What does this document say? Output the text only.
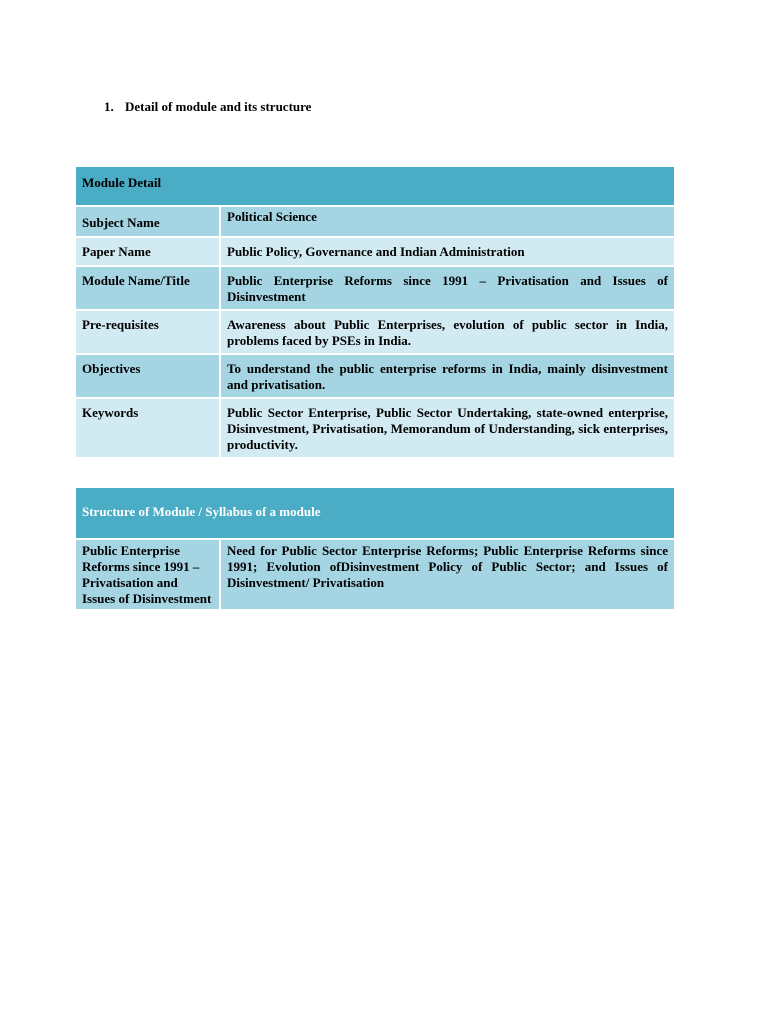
1. Detail of module and its structure

Module Detail	
Subject Name	Political Science
Paper Name	Public Policy, Governance and Indian Administration
Module Name/Title	Public Enterprise Reforms since 1991 – Privatisation and Issues of Disinvestment
Pre-requisites	Awareness about Public Enterprises, evolution of public sector in India, problems faced by PSEs in India.
Objectives	To understand the public enterprise reforms in India, mainly disinvestment and privatisation.
Keywords	Public Sector Enterprise, Public Sector Undertaking, state-owned enterprise, Disinvestment, Privatisation, Memorandum of Understanding, sick enterprises, productivity.
Structure of Module / Syllabus of a module
Public Enterprise Reforms since 1991 – Privatisation and Issues of Disinvestment	Need for Public Sector Enterprise Reforms; Public Enterprise Reforms since 1991; Evolution ofDisinvestment Policy of Public Sector; and Issues of Disinvestment/ Privatisation
